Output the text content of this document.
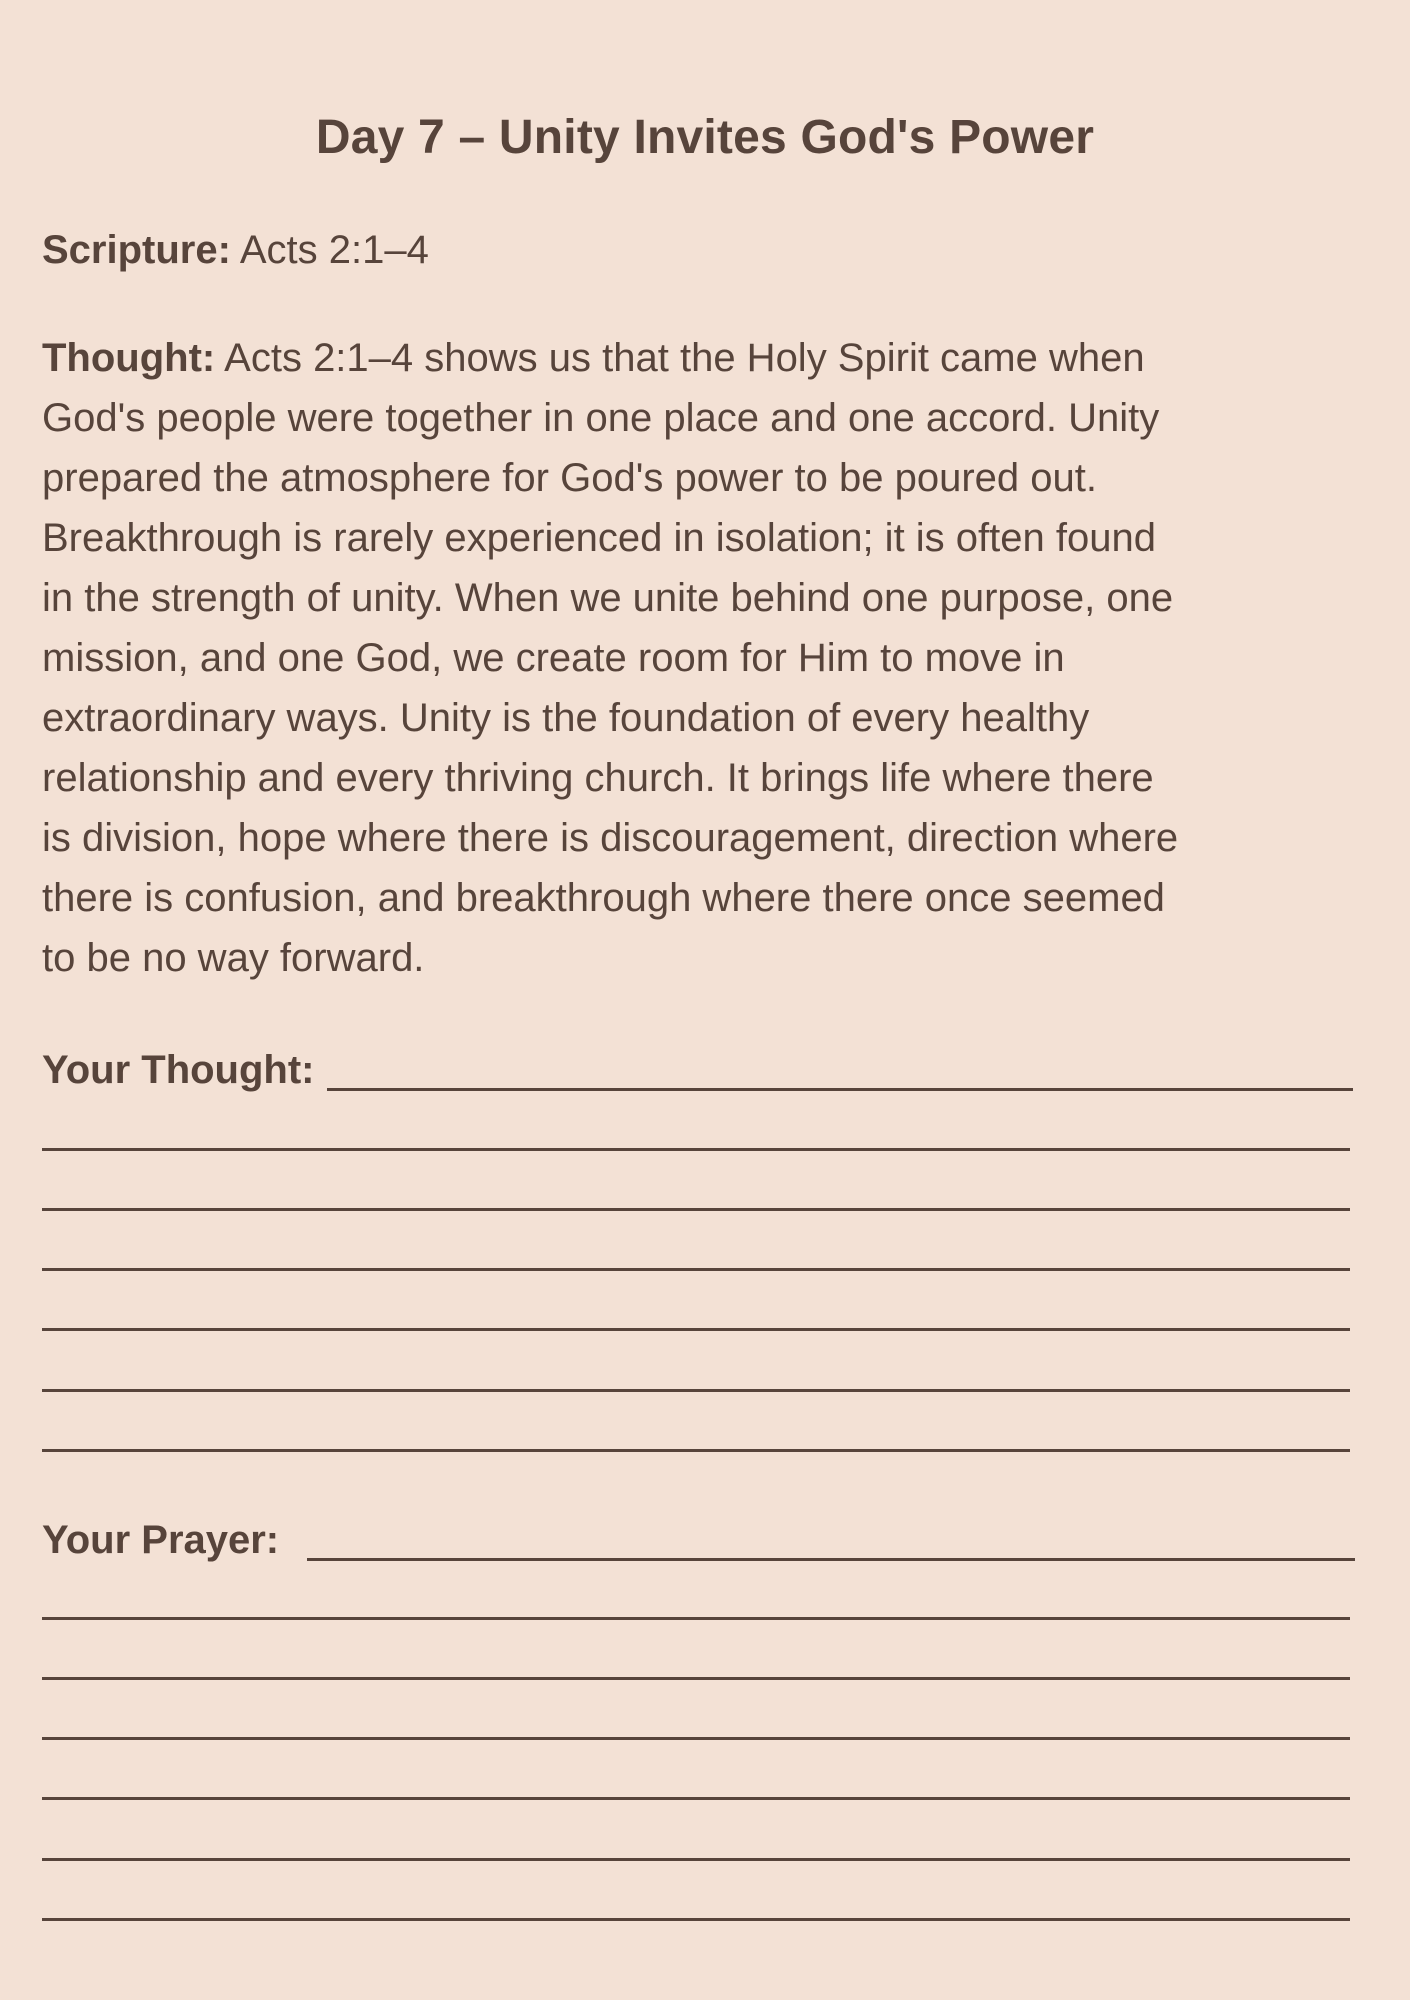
Day 7 – Unity Invites God's Power
Scripture: Acts 2:1–4
Thought: Acts 2:1–4 shows us that the Holy Spirit came when
God's people were together in one place and one accord. Unity
prepared the atmosphere for God's power to be poured out.
Breakthrough is rarely experienced in isolation; it is often found
in the strength of unity. When we unite behind one purpose, one
mission, and one God, we create room for Him to move in
extraordinary ways. Unity is the foundation of every healthy
relationship and every thriving church. It brings life where there
is division, hope where there is discouragement, direction where
there is confusion, and breakthrough where there once seemed
to be no way forward.
Your Thought:
Your Prayer:
